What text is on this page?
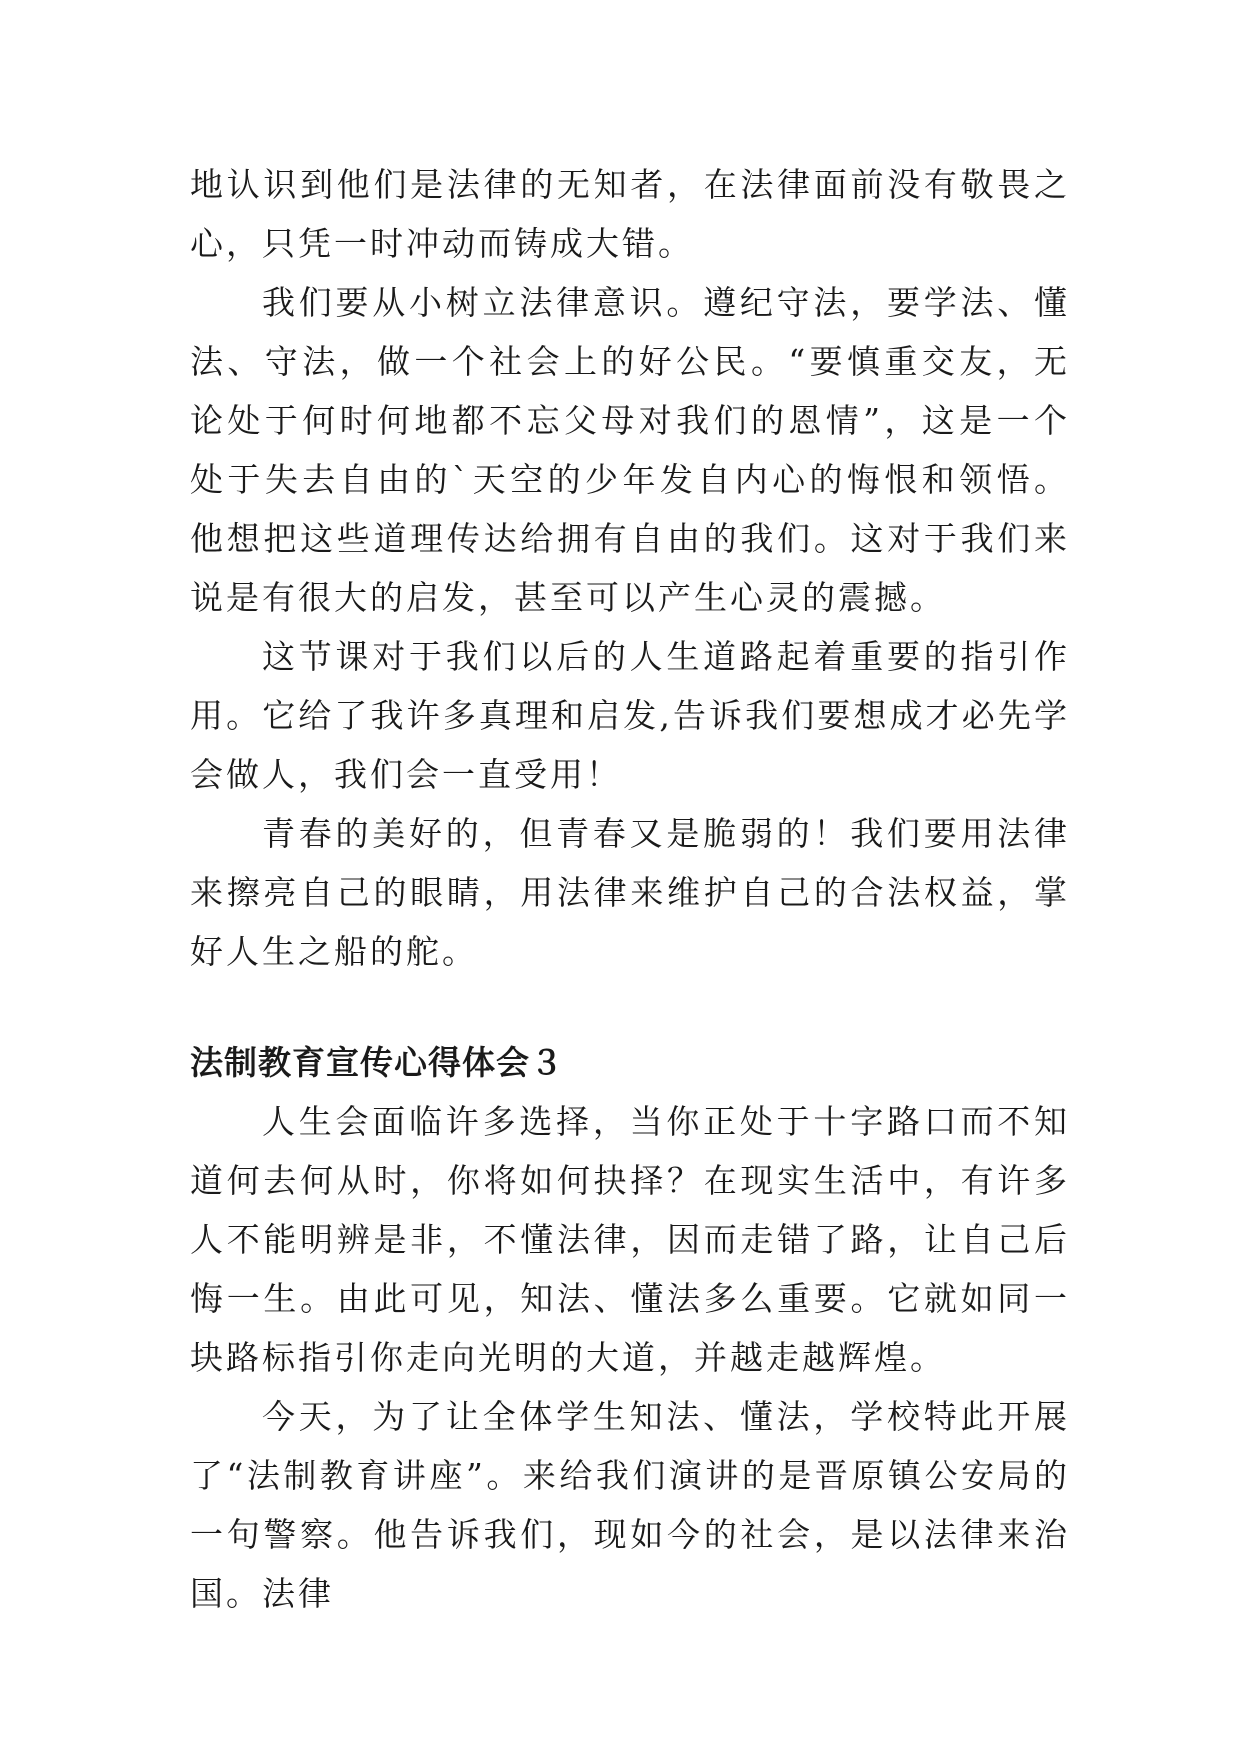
地认识到他们是法律的无知者，在法律面前没有敬畏之心，只凭一时冲动而铸成大错。

我们要从小树立法律意识。遵纪守法，要学法、懂法、守法，做一个社会上的好公民。“要慎重交友，无论处于何时何地都不忘父母对我们的恩情”，这是一个处于失去自由的`天空的少年发自内心的悔恨和领悟。他想把这些道理传达给拥有自由的我们。这对于我们来说是有很大的启发，甚至可以产生心灵的震撼。

这节课对于我们以后的人生道路起着重要的指引作用。它给了我许多真理和启发,告诉我们要想成才必先学会做人，我们会一直受用！

青春的美好的，但青春又是脆弱的！我们要用法律来擦亮自己的眼睛，用法律来维护自己的合法权益，掌好人生之船的舵。

法制教育宣传心得体会３

人生会面临许多选择，当你正处于十字路口而不知道何去何从时，你将如何抉择？在现实生活中，有许多人不能明辨是非，不懂法律，因而走错了路，让自己后悔一生。由此可见，知法、懂法多么重要。它就如同一块路标指引你走向光明的大道，并越走越辉煌。

今天，为了让全体学生知法、懂法，学校特此开展了“法制教育讲座”。来给我们演讲的是晋原镇公安局的一句警察。他告诉我们，现如今的社会，是以法律来治国。法律
